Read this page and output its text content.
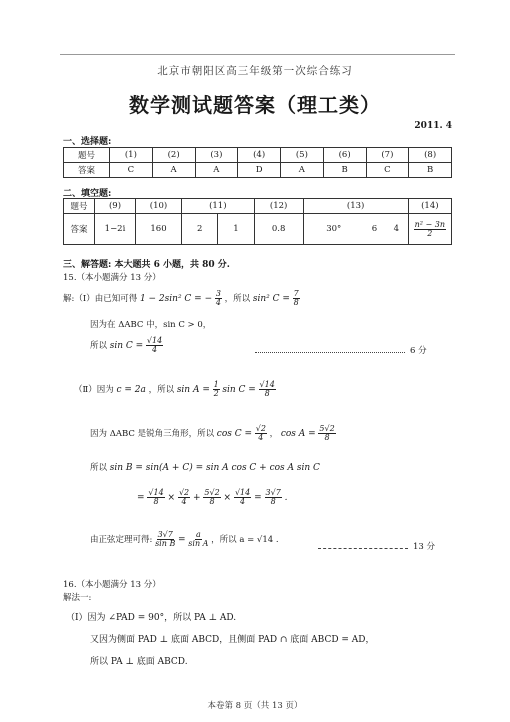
北京市朝阳区高三年级第一次综合练习
数学测试题答案（理工类）
2011. 4
一、选择题:
题号	(1)	(2)	(3)	(4)	(5)	(6)	(7)	(8)
答案	C	A	A	D	A	B	C	B
二、填空题:
题号	(9)	(10)	(11)		(12)	(13)			(14)
答案	1−2i	160	2	1	0.8	30°	6	4	$\frac{\text{n² − 3n}}{2}$
三、解答题: 本大题共 6 小题，共 80 分.
15.（本小题满分 13 分）
解:（Ⅰ）由已知可得 1 − 2sin² C = − $\frac{3}{4}$ ，所以 sin² $C = \frac{7}{8}$
因为在 ΔABC 中，sin C > 0，
所以 $\sin C = \frac{√14}{4}$	6 分
（Ⅱ）因为 c = 2a ，所以 $\sin A = \frac{1}{2}$ $\sin C = \frac{√14}{8}$
因为 ΔABC 是锐角三角形，所以 $\cos C = \frac{√2}{4}$ ， $\cos A = \frac{5√2}{8}$
所以 sin B = sin(A + C) = sin A cos C + cos A sin C
= $\frac{√14}{8} \times \frac{√2}{4} + \frac{5√2}{8} \times \frac{√14}{4} = \frac{3√7}{8}$ .
由正弦定理可得: $\frac{3√7}{\text{sin B}} = \frac{a}{\text{sin A}}$ ，所以 a = √14 .
13 分
16.（本小题满分 13 分）
解法一:
（Ⅰ）因为 ∠PAD = 90°，所以 PA ⊥ AD.
又因为侧面 PAD ⊥ 底面 ABCD，且侧面 PAD ∩ 底面 ABCD = AD，
所以 PA ⊥ 底面 ABCD.
本卷第 8 页（共 13 页）
